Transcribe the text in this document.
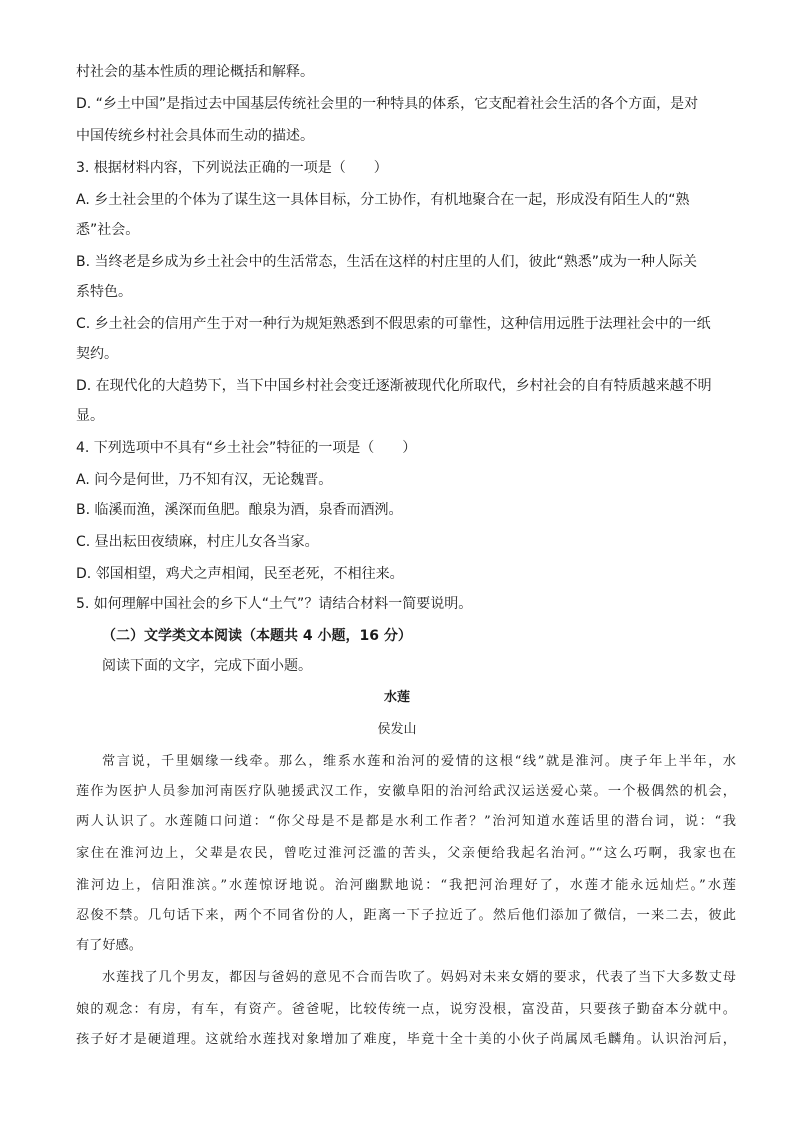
村社会的基本性质的理论概括和解释。
D. “乡土中国”是指过去中国基层传统社会里的一种特具的体系，它支配着社会生活的各个方面，是对
中国传统乡村社会具体而生动的描述。
3. 根据材料内容，下列说法正确的一项是（　　）
A. 乡土社会里的个体为了谋生这一具体目标，分工协作，有机地聚合在一起，形成没有陌生人的“熟
悉”社会。
B. 当终老是乡成为乡土社会中的生活常态，生活在这样的村庄里的人们，彼此“熟悉”成为一种人际关
系特色。
C. 乡土社会的信用产生于对一种行为规矩熟悉到不假思索的可靠性，这种信用远胜于法理社会中的一纸
契约。
D. 在现代化的大趋势下，当下中国乡村社会变迁逐渐被现代化所取代，乡村社会的自有特质越来越不明
显。
4. 下列选项中不具有“乡土社会”特征的一项是（　　）
A. 问今是何世，乃不知有汉，无论魏晋。
B. 临溪而渔，溪深而鱼肥。酿泉为酒，泉香而酒洌。
C. 昼出耘田夜绩麻，村庄儿女各当家。
D. 邻国相望，鸡犬之声相闻，民至老死，不相往来。
5. 如何理解中国社会的乡下人“土气”？请结合材料一简要说明。
（二）文学类文本阅读（本题共 4 小题，16 分）
阅读下面的文字，完成下面小题。
水莲
侯发山
常言说，千里姻缘一线牵。那么，维系水莲和治河的爱情的这根“线”就是淮河。庚子年上半年，水
莲作为医护人员参加河南医疗队驰援武汉工作，安徽阜阳的治河给武汉运送爱心菜。一个极偶然的机会，
两人认识了。水莲随口问道：“你父母是不是都是水利工作者？”治河知道水莲话里的潜台词，说：“我
家住在淮河边上，父辈是农民，曾吃过淮河泛滥的苦头，父亲便给我起名治河。”“这么巧啊，我家也在
淮河边上，信阳淮滨。”水莲惊讶地说。治河幽默地说：“我把河治理好了，水莲才能永远灿烂。”水莲
忍俊不禁。几句话下来，两个不同省份的人，距离一下子拉近了。然后他们添加了微信，一来二去，彼此
有了好感。
水莲找了几个男友，都因与爸妈的意见不合而告吹了。妈妈对未来女婿的要求，代表了当下大多数丈母
娘的观念：有房，有车，有资产。爸爸呢，比较传统一点，说穷没根，富没苗，只要孩子勤奋本分就中。
孩子好才是硬道理。这就给水莲找对象增加了难度，毕竟十全十美的小伙子尚属凤毛麟角。认识治河后，
